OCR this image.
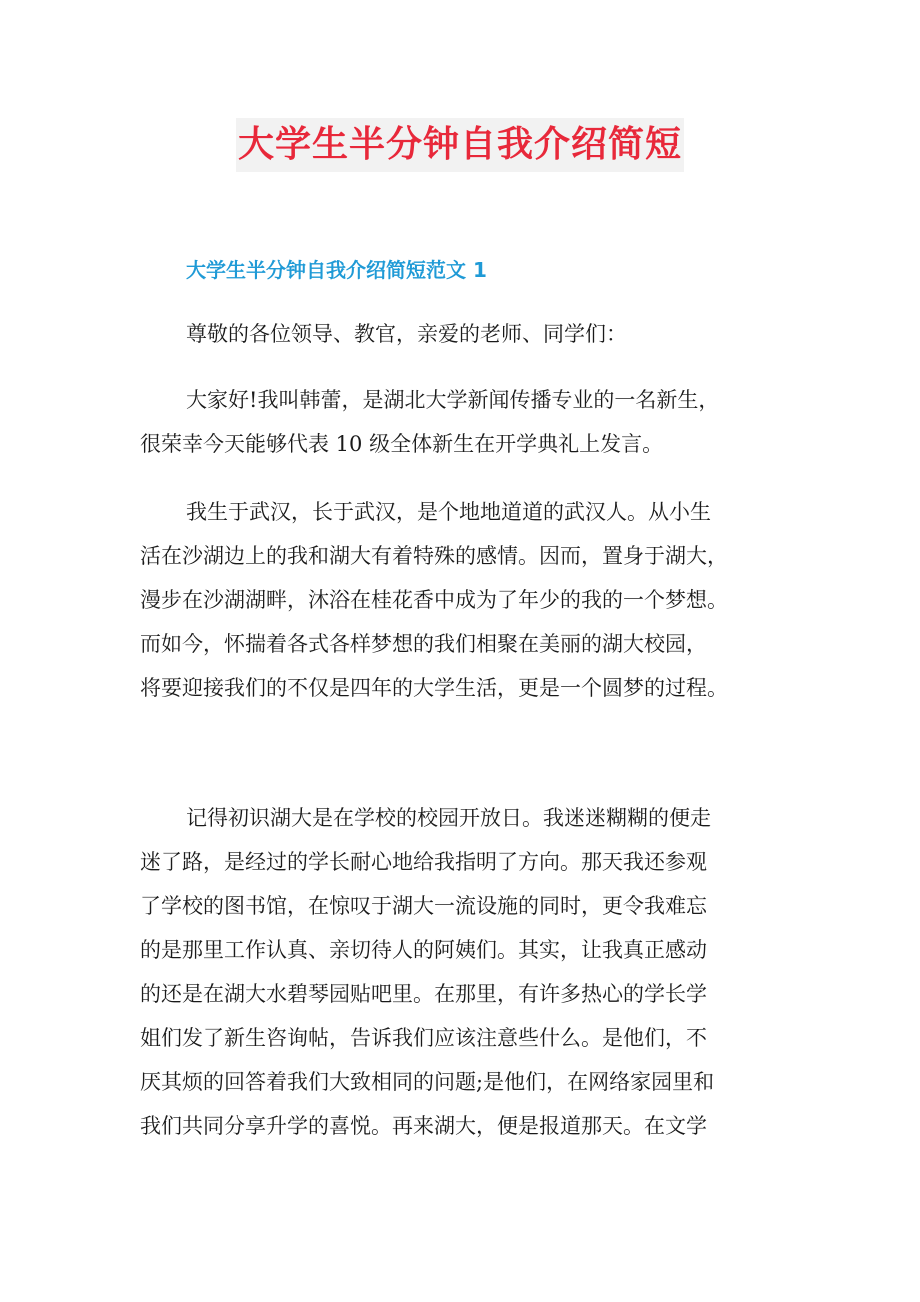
大学生半分钟自我介绍简短
大学生半分钟自我介绍简短范文 1

尊敬的各位领导、教官，亲爱的老师、同学们：

大家好!我叫韩蕾，是湖北大学新闻传播专业的一名新生，
很荣幸今天能够代表 10 级全体新生在开学典礼上发言。

我生于武汉，长于武汉，是个地地道道的武汉人。从小生
活在沙湖边上的我和湖大有着特殊的感情。因而，置身于湖大，
漫步在沙湖湖畔，沐浴在桂花香中成为了年少的我的一个梦想。
而如今，怀揣着各式各样梦想的我们相聚在美丽的湖大校园，
将要迎接我们的不仅是四年的大学生活，更是一个圆梦的过程。

记得初识湖大是在学校的校园开放日。我迷迷糊糊的便走
迷了路，是经过的学长耐心地给我指明了方向。那天我还参观
了学校的图书馆，在惊叹于湖大一流设施的同时，更令我难忘
的是那里工作认真、亲切待人的阿姨们。其实，让我真正感动
的还是在湖大水碧琴园贴吧里。在那里，有许多热心的学长学
姐们发了新生咨询帖，告诉我们应该注意些什么。是他们，不
厌其烦的回答着我们大致相同的问题;是他们，在网络家园里和
我们共同分享升学的喜悦。再来湖大，便是报道那天。在文学
